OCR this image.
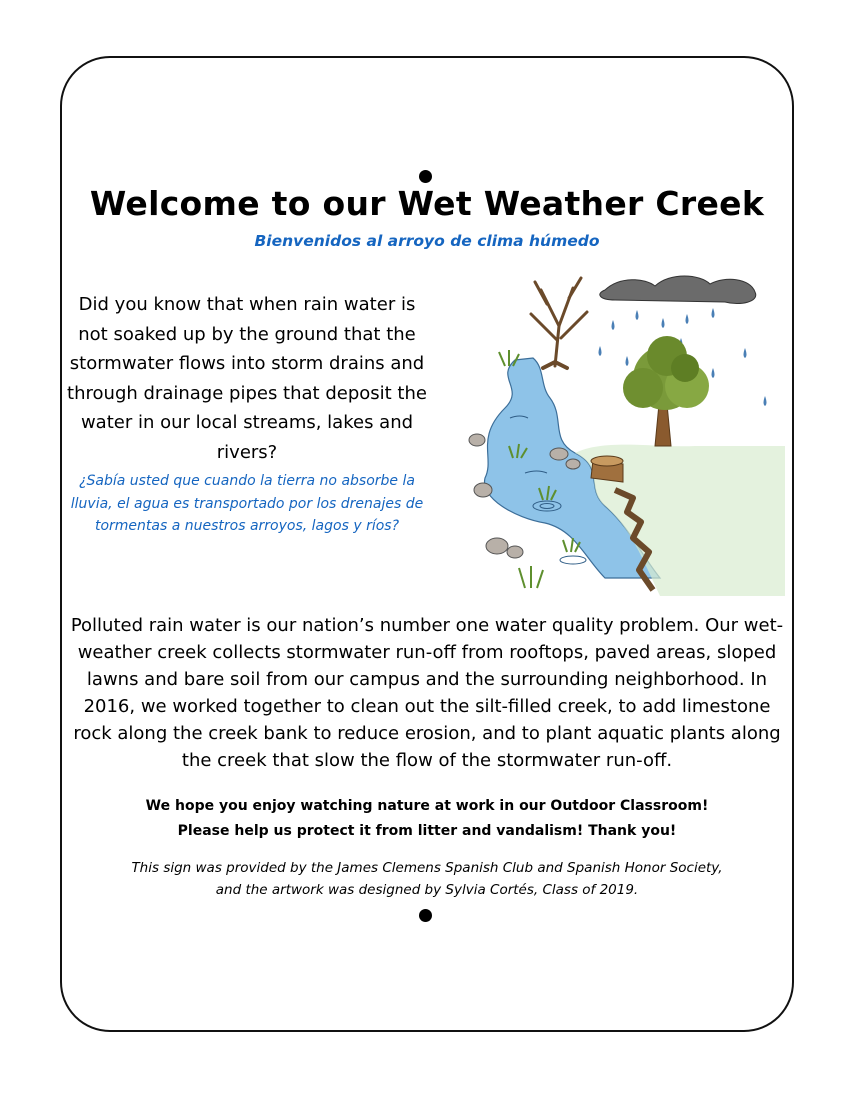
Welcome to our Wet Weather Creek
Bienvenidos al arroyo de clima húmedo
Did you know that when rain water is not soaked up by the ground that the stormwater flows into storm drains and through drainage pipes that deposit the water in our local streams, lakes and rivers?
¿Sabía usted que cuando la tierra no absorbe la lluvia, el agua es transportado por los drenajes de tormentas a nuestros arroyos, lagos y ríos?
Polluted rain water is our nation’s number one water quality problem. Our wet-weather creek collects stormwater run-off from rooftops, paved areas, sloped lawns and bare soil from our campus and the surrounding neighborhood. In 2016, we worked together to clean out the silt-filled creek, to add limestone rock along the creek bank to reduce erosion, and to plant aquatic plants along the creek that slow the flow of the stormwater run-off.
We hope you enjoy watching nature at work in our Outdoor Classroom!
Please help us protect it from litter and vandalism! Thank you!
This sign was provided by the James Clemens Spanish Club and Spanish Honor Society,
and the artwork was designed by Sylvia Cortés, Class of 2019.
